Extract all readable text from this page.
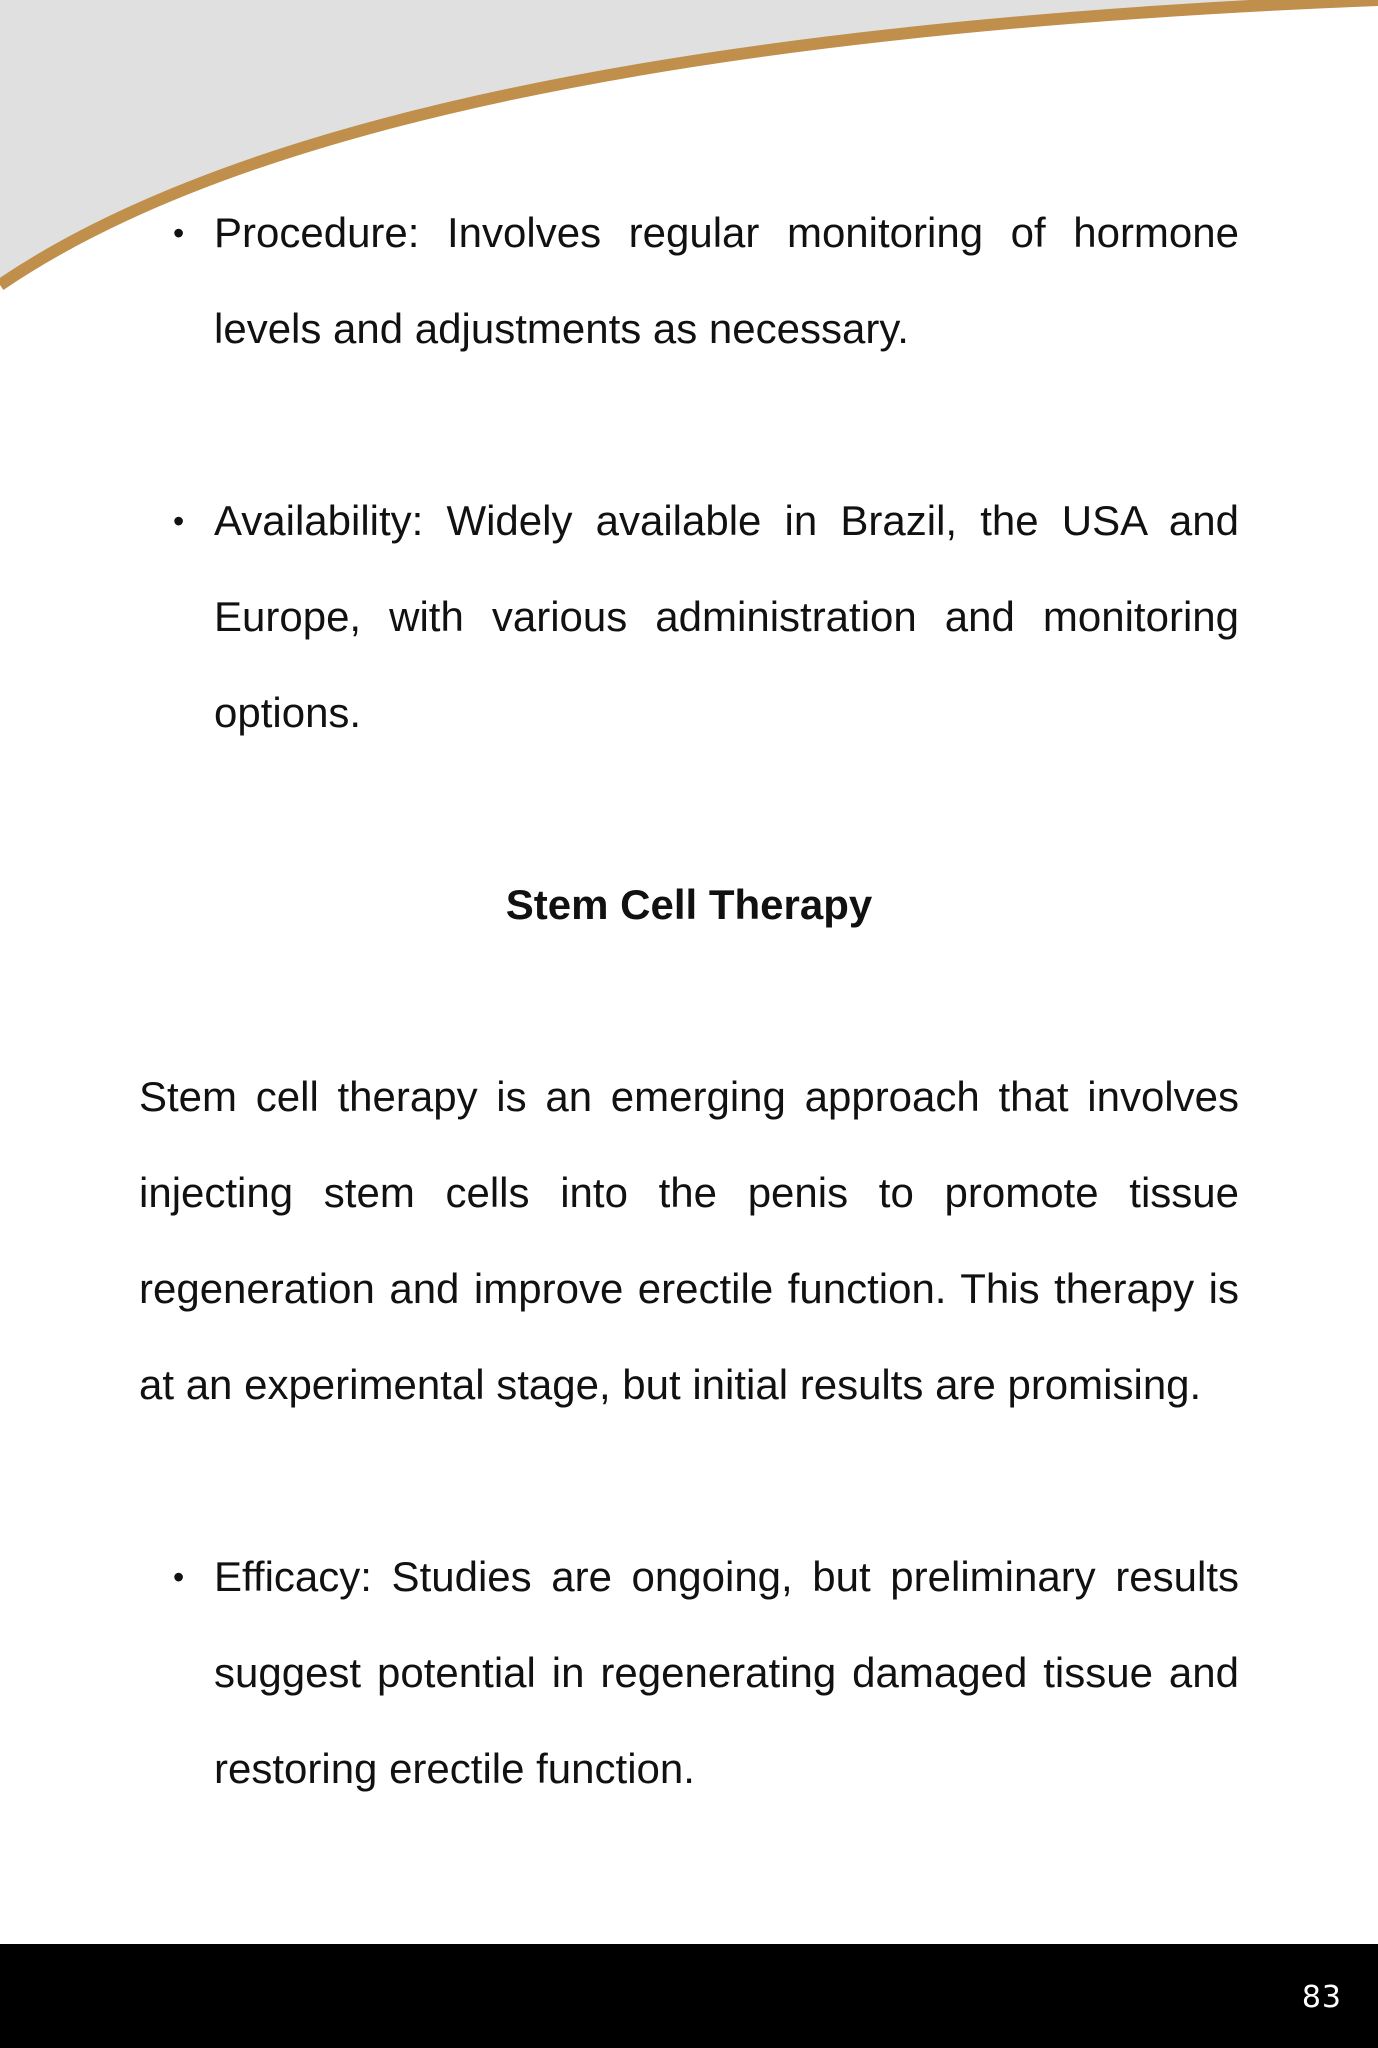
• Procedure: Involves regular monitoring of hormone levels and adjustments as necessary.

• Availability: Widely available in Brazil, the USA and Europe, with various administration and monitoring options.

Stem Cell Therapy

Stem cell therapy is an emerging approach that involves injecting stem cells into the penis to promote tissue regeneration and improve erectile function. This therapy is at an experimental stage, but initial results are promising.

• Efficacy: Studies are ongoing, but preliminary results suggest potential in regenerating damaged tissue and restoring erectile function.

83
